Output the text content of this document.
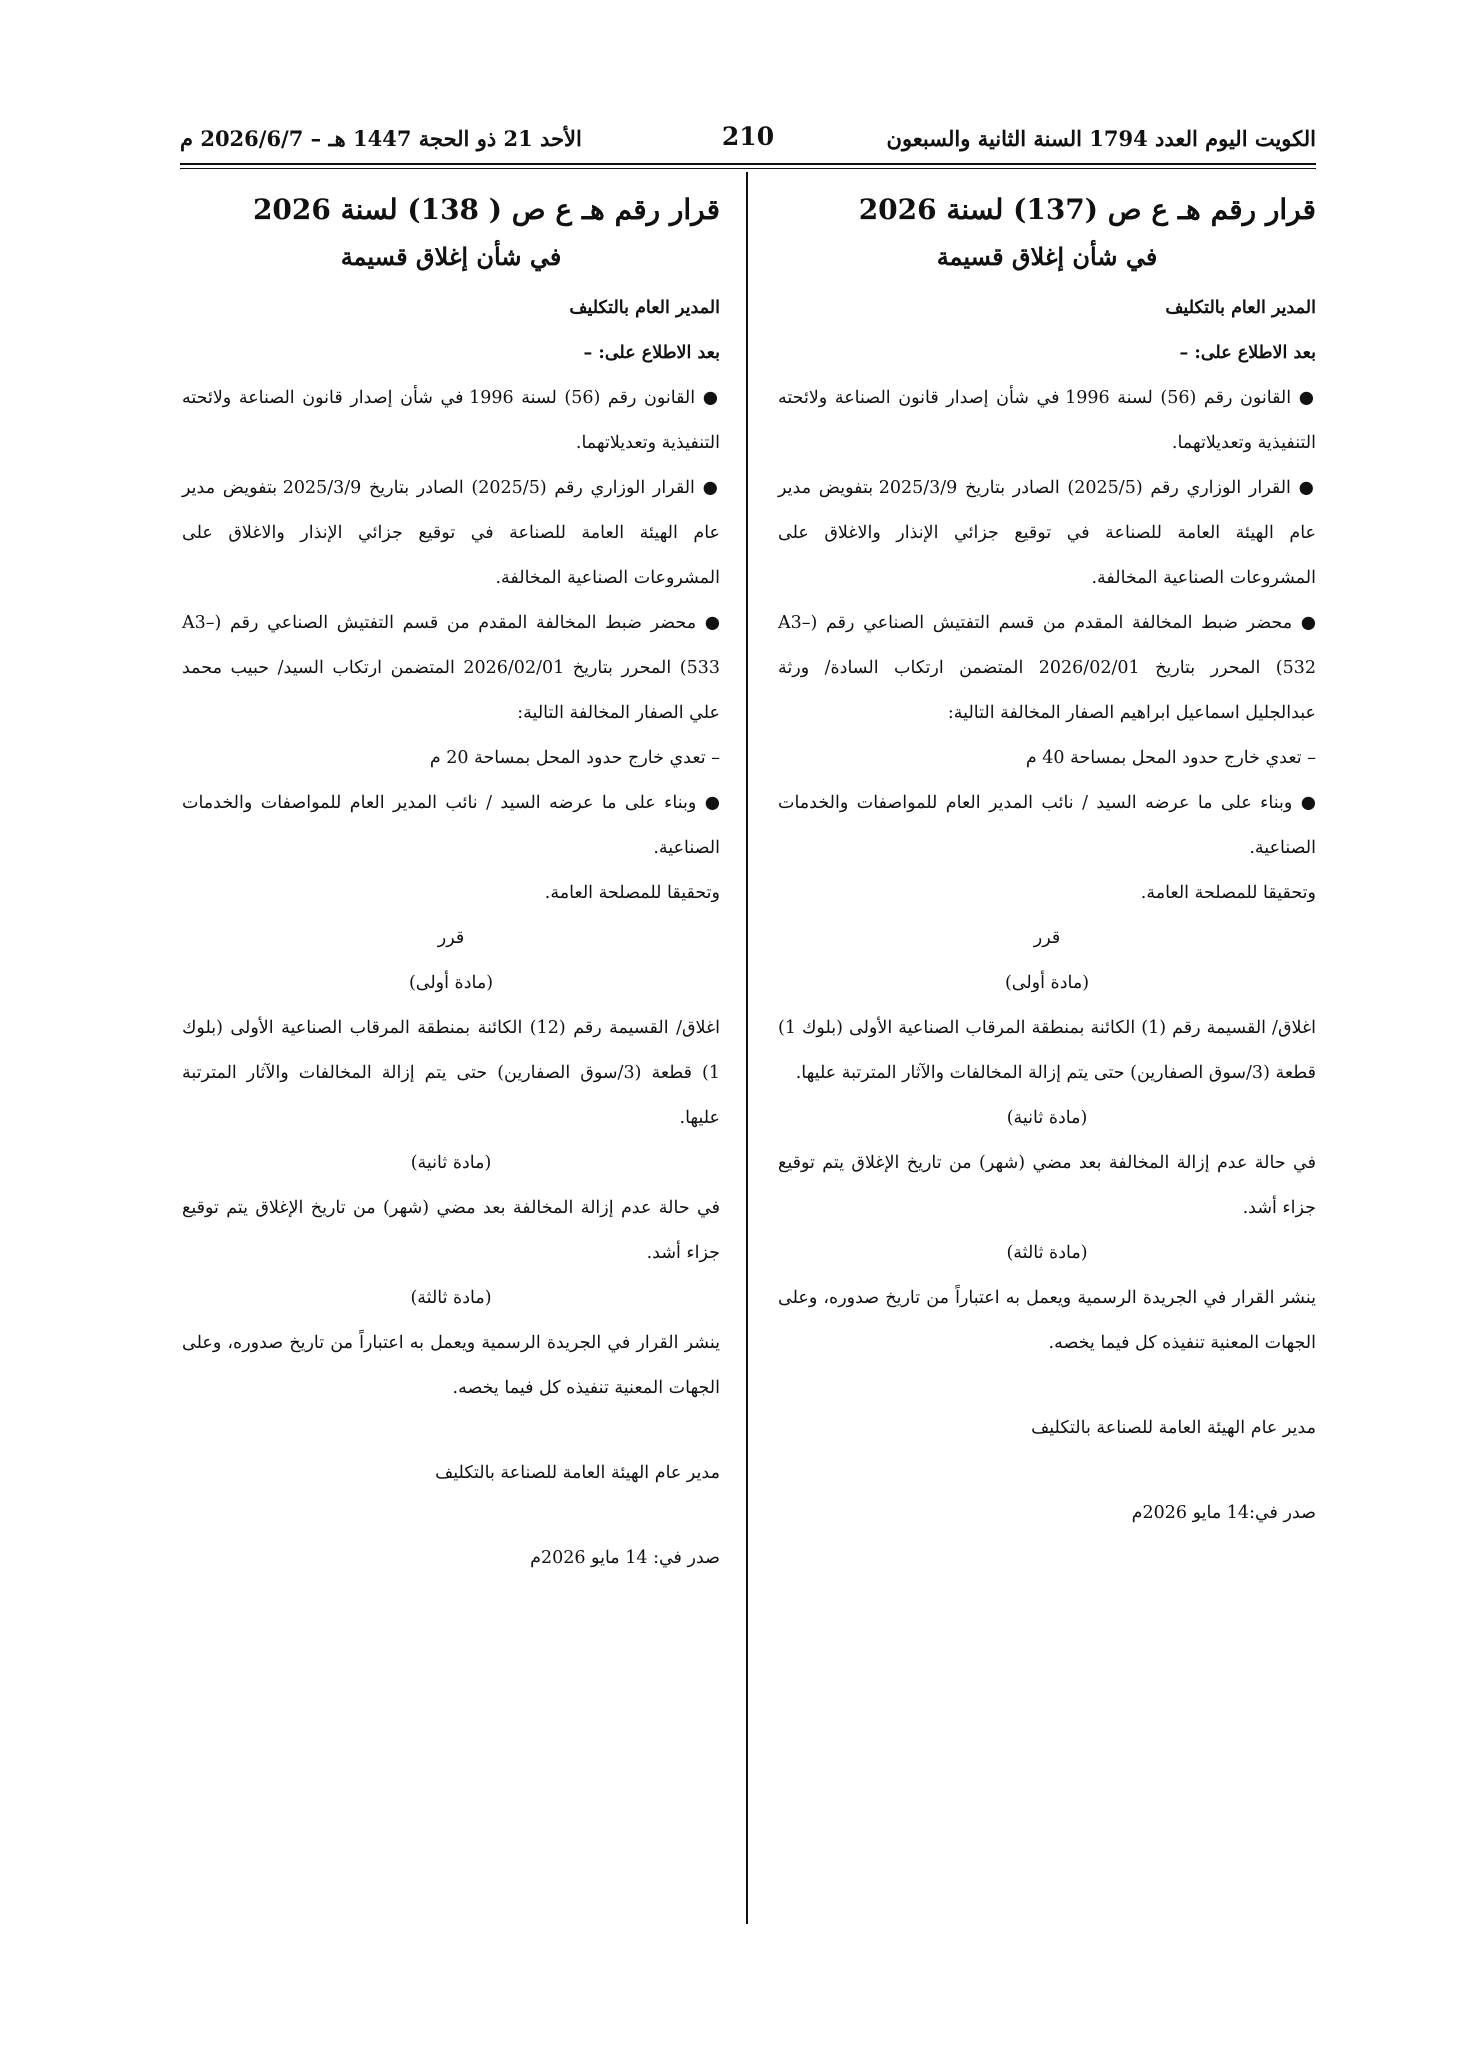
الكويت اليوم العدد 1794 السنة الثانية والسبعون
210
الأحد 21 ذو الحجة 1447 هـ – 2026/6/7 م

قرار رقم هـ ع ص (137) لسنة 2026

في شأن إغلاق قسيمة

المدير العام بالتكليف

بعد الاطلاع على: –

● القانون رقم (56) لسنة 1996 في شأن إصدار قانون الصناعة ولائحته التنفيذية وتعديلاتهما.

● القرار الوزاري رقم (2025/5) الصادر بتاريخ 2025/3/9 بتفويض مدير عام الهيئة العامة للصناعة في توقيع جزائي الإنذار والاغلاق على المشروعات الصناعية المخالفة.

● محضر ضبط المخالفة المقدم من قسم التفتيش الصناعي رقم (A3–532) المحرر بتاريخ 2026/02/01 المتضمن ارتكاب السادة/ ورثة عبدالجليل اسماعيل ابراهيم الصفار المخالفة التالية:

– تعدي خارج حدود المحل بمساحة 40 م

● وبناء على ما عرضه السيد / نائب المدير العام للمواصفات والخدمات الصناعية.

وتحقيقا للمصلحة العامة.

قرر

(مادة أولى)

اغلاق/ القسيمة رقم (1) الكائنة بمنطقة المرقاب الصناعية الأولى (بلوك 1) قطعة (3/سوق الصفارين) حتى يتم إزالة المخالفات والآثار المترتبة عليها.

(مادة ثانية)

في حالة عدم إزالة المخالفة بعد مضي (شهر) من تاريخ الإغلاق يتم توقيع جزاء أشد.

(مادة ثالثة)

ينشر القرار في الجريدة الرسمية ويعمل به اعتباراً من تاريخ صدوره، وعلى الجهات المعنية تنفيذه كل فيما يخصه.

مدير عام الهيئة العامة للصناعة بالتكليف

صدر في:14 مايو 2026م

قرار رقم هـ ع ص ( 138) لسنة 2026

في شأن إغلاق قسيمة

المدير العام بالتكليف

بعد الاطلاع على: –

● القانون رقم (56) لسنة 1996 في شأن إصدار قانون الصناعة ولائحته التنفيذية وتعديلاتهما.

● القرار الوزاري رقم (2025/5) الصادر بتاريخ 2025/3/9 بتفويض مدير عام الهيئة العامة للصناعة في توقيع جزائي الإنذار والاغلاق على المشروعات الصناعية المخالفة.

● محضر ضبط المخالفة المقدم من قسم التفتيش الصناعي رقم (A3–533) المحرر بتاريخ 2026/02/01 المتضمن ارتكاب السيد/ حبيب محمد علي الصفار المخالفة التالية:

– تعدي خارج حدود المحل بمساحة 20 م

● وبناء على ما عرضه السيد / نائب المدير العام للمواصفات والخدمات الصناعية.

وتحقيقا للمصلحة العامة.

قرر

(مادة أولى)

اغلاق/ القسيمة رقم (12) الكائنة بمنطقة المرقاب الصناعية الأولى (بلوك 1) قطعة (3/سوق الصفارين) حتى يتم إزالة المخالفات والآثار المترتبة عليها.

(مادة ثانية)

في حالة عدم إزالة المخالفة بعد مضي (شهر) من تاريخ الإغلاق يتم توقيع جزاء أشد.

(مادة ثالثة)

ينشر القرار في الجريدة الرسمية ويعمل به اعتباراً من تاريخ صدوره، وعلى الجهات المعنية تنفيذه كل فيما يخصه.

مدير عام الهيئة العامة للصناعة بالتكليف

صدر في: 14 مايو 2026م
